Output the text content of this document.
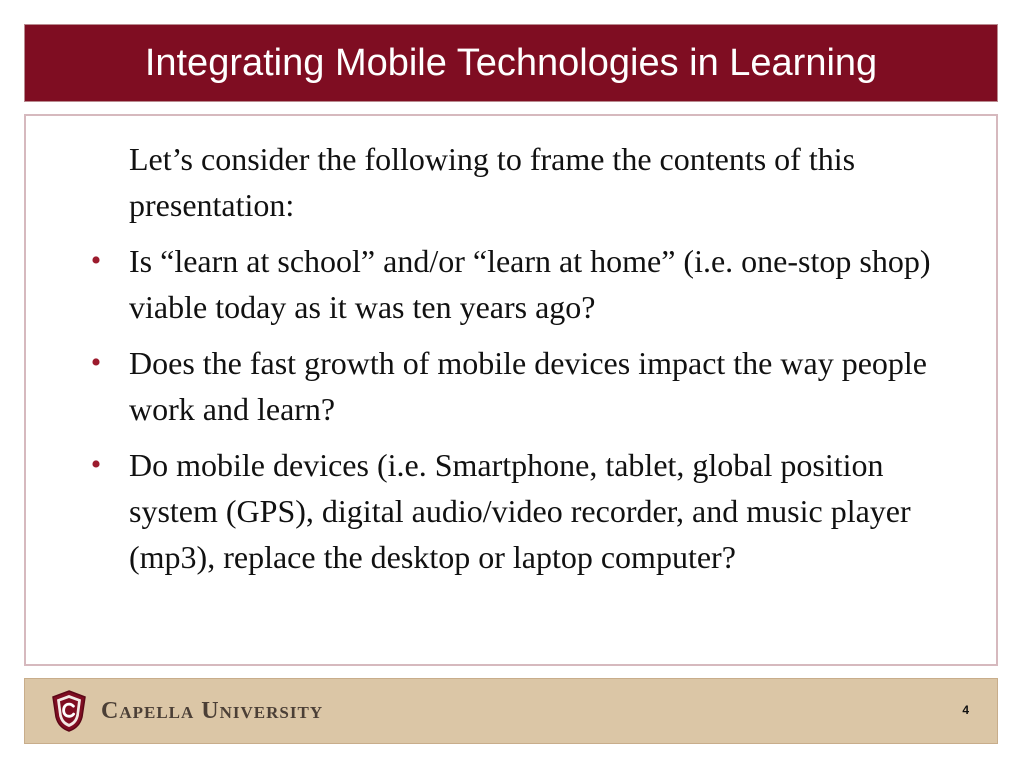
Integrating Mobile Technologies in Learning

Let’s consider the following to frame the contents of this presentation:

• Is “learn at school” and/or “learn at home” (i.e. one-stop shop) viable today as it was ten years ago?

• Does the fast growth of mobile devices impact the way people work and learn?

• Do mobile devices (i.e. Smartphone, tablet, global position system (GPS), digital audio/video recorder, and music player (mp3), replace the desktop or laptop computer?

Capella University	4
